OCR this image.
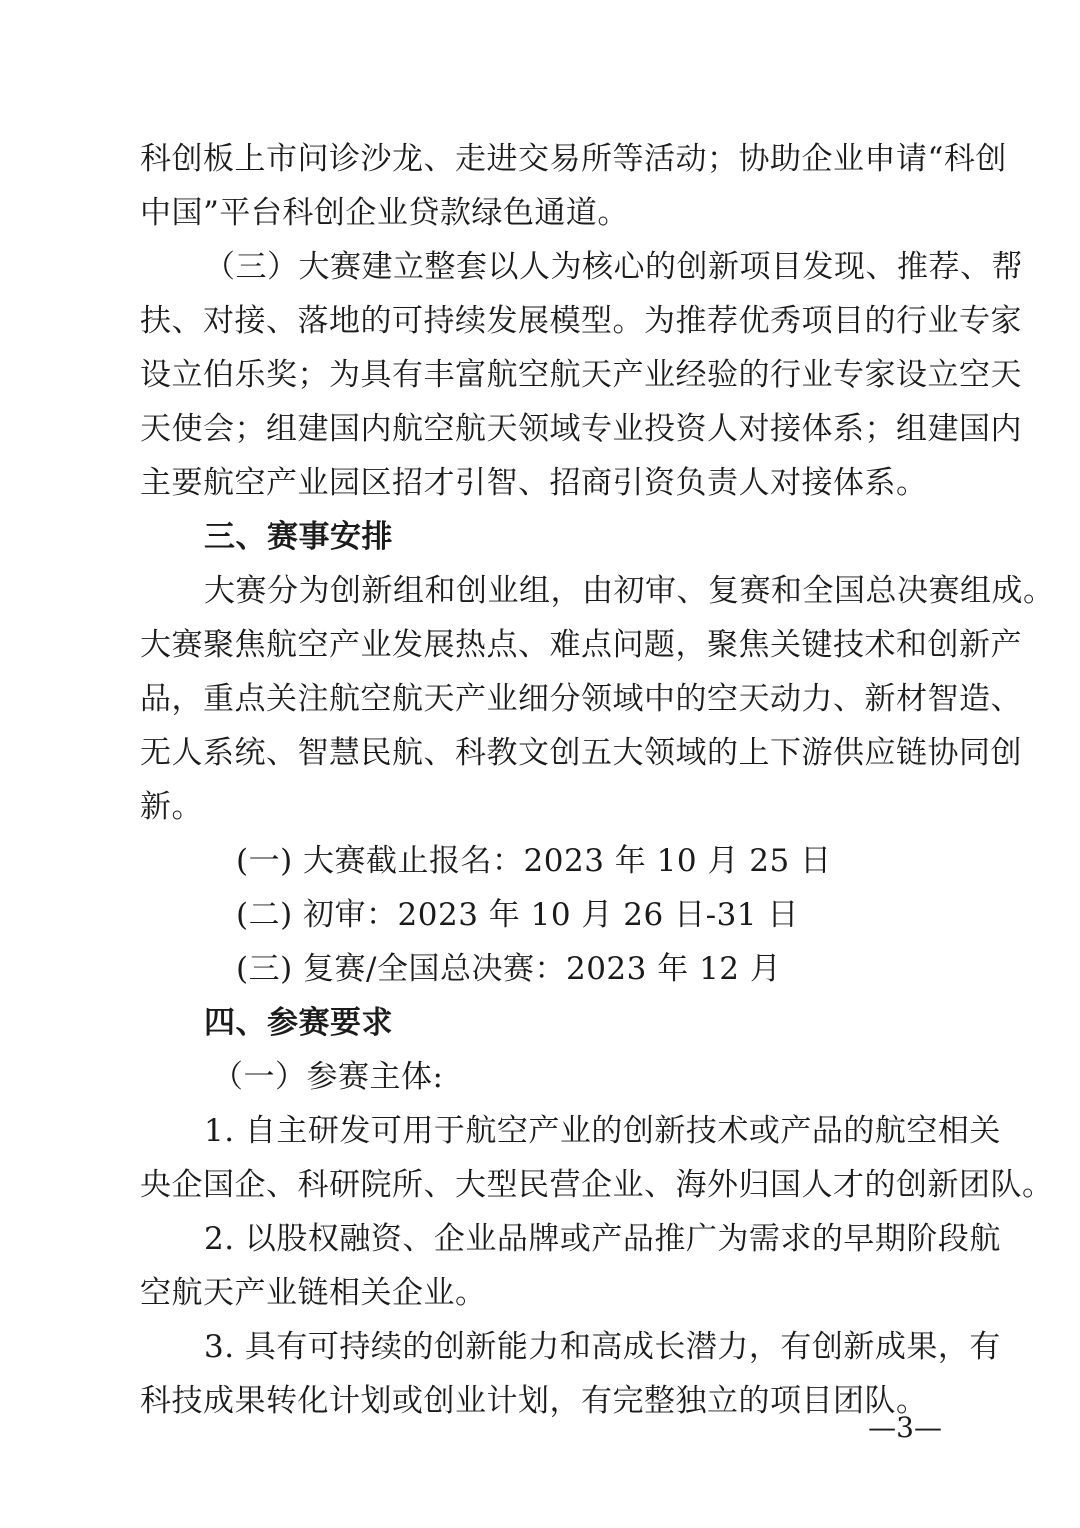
科创板上市问诊沙龙、走进交易所等活动；协助企业申请“科创
中国”平台科创企业贷款绿色通道。
（三）大赛建立整套以人为核心的创新项目发现、推荐、帮
扶、对接、落地的可持续发展模型。为推荐优秀项目的行业专家
设立伯乐奖；为具有丰富航空航天产业经验的行业专家设立空天
天使会；组建国内航空航天领域专业投资人对接体系；组建国内
主要航空产业园区招才引智、招商引资负责人对接体系。
三、赛事安排
大赛分为创新组和创业组，由初审、复赛和全国总决赛组成。
大赛聚焦航空产业发展热点、难点问题，聚焦关键技术和创新产
品，重点关注航空航天产业细分领域中的空天动力、新材智造、
无人系统、智慧民航、科教文创五大领域的上下游供应链协同创
新。
(一) 大赛截止报名：2023 年 10 月 25 日
(二) 初审：2023 年 10 月 26 日-31 日
(三) 复赛/全国总决赛：2023 年 12 月
四、参赛要求
（一）参赛主体:
1. 自主研发可用于航空产业的创新技术或产品的航空相关
央企国企、科研院所、大型民营企业、海外归国人才的创新团队。
2. 以股权融资、企业品牌或产品推广为需求的早期阶段航
空航天产业链相关企业。
3. 具有可持续的创新能力和高成长潜力，有创新成果，有
科技成果转化计划或创业计划，有完整独立的项目团队。
—3—
